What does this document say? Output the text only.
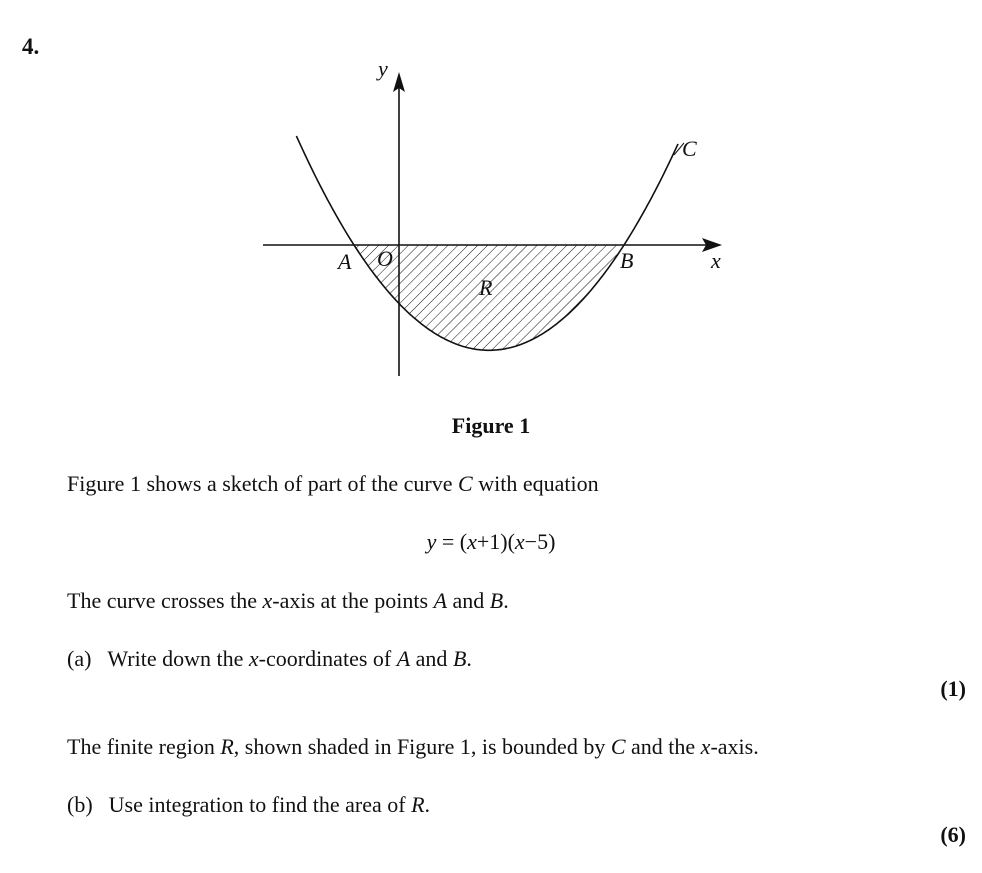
4.
y
x
C
A O	B
R
Figure 1
Figure 1 shows a sketch of part of the curve C with equation
y = (x+1)(x−5)
The curve crosses the x-axis at the points A and B.
(a) Write down the x-coordinates of A and B.
(1)
The finite region R, shown shaded in Figure 1, is bounded by C and the x-axis.
(b) Use integration to find the area of R.
(6)
